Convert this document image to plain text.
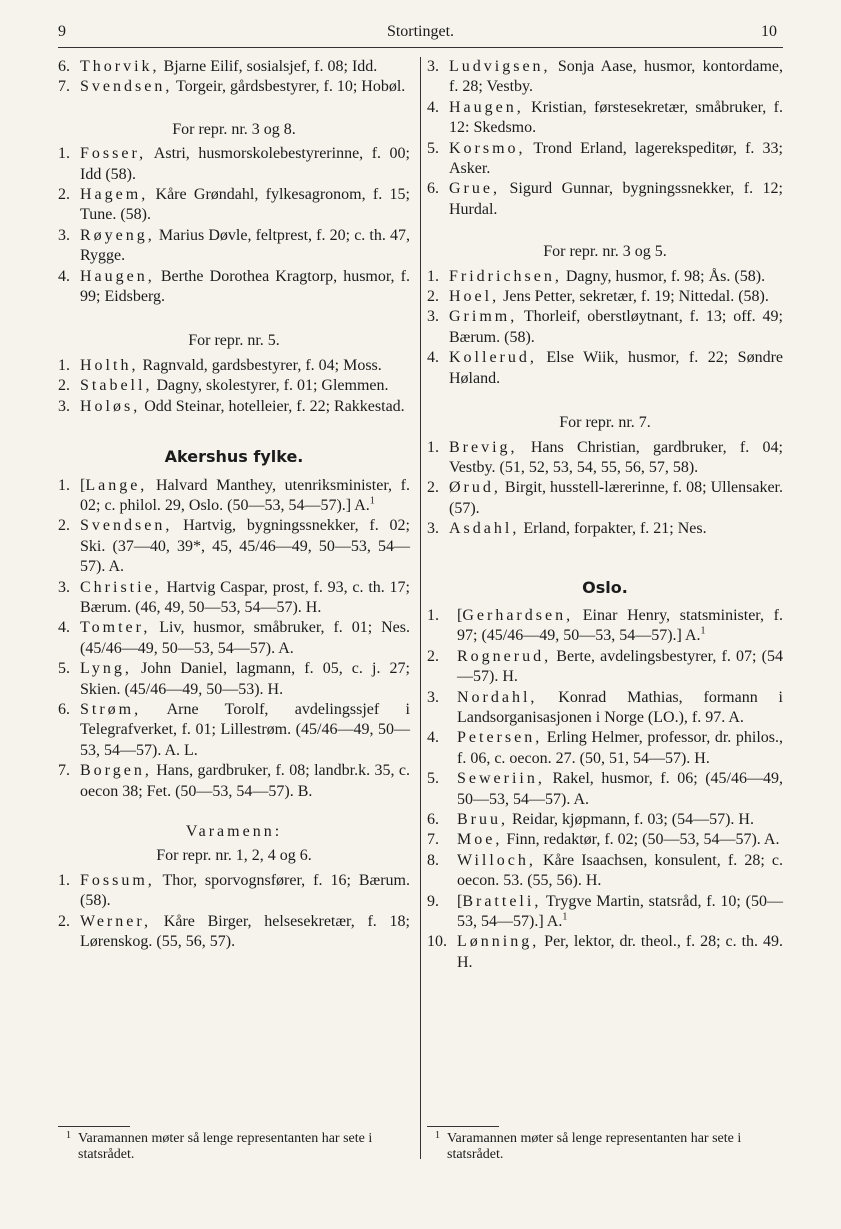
9	Stortinget.	10
6. Thorvik, Bjarne Eilif, sosialsjef, f. 08; Idd.
7. Svendsen, Torgeir, gårdsbestyrer, f. 10; Hobøl.
For repr. nr. 3 og 8.
1. Fosser, Astri, husmorskolebestyrerinne, f. 00; Idd (58).
2. Hagem, Kåre Grøndahl, fylkesagronom, f. 15; Tune. (58).
3. Røyeng, Marius Døvle, feltprest, f. 20; c. th. 47, Rygge.
4. Haugen, Berthe Dorothea Kragtorp, husmor, f. 99; Eidsberg.
For repr. nr. 5.
1. Holth, Ragnvald, gardsbestyrer, f. 04; Moss.
2. Stabell, Dagny, skolestyrer, f. 01; Glemmen.
3. Holøs, Odd Steinar, hotelleier, f. 22; Rakkestad.
Akershus fylke.
1. [Lange, Halvard Manthey, utenriksminister, f. 02; c. philol. 29, Oslo. (50—53, 54—57).] A.$^1$
2. Svendsen, Hartvig, bygningssnekker, f. 02; Ski. (37—40, 39*, 45, 45/46—49, 50—53, 54—57). A.
3. Christie, Hartvig Caspar, prost, f. 93, c. th. 17; Bærum. (46, 49, 50—53, 54—57). H.
4. Tomter, Liv, husmor, småbruker, f. 01; Nes. (45/46—49, 50—53, 54—57). A.
5. Lyng, John Daniel, lagmann, f. 05, c. j. 27; Skien. (45/46—49, 50—53). H.
6. Strøm, Arne Torolf, avdelingssjef i Telegrafverket, f. 01; Lillestrøm. (45/46—49, 50—53, 54—57). A. L.
7. Borgen, Hans, gardbruker, f. 08; landbr.k. 35, c. oecon 38; Fet. (50—53, 54—57). B.
Varamenn:
For repr. nr. 1, 2, 4 og 6.
1. Fossum, Thor, sporvognsfører, f. 16; Bærum. (58).
2. Werner, Kåre Birger, helsesekretær, f. 18; Lørenskog. (55, 56, 57).
1 Varamannen møter så lenge representanten har sete i statsrådet.
3. Ludvigsen, Sonja Aase, husmor, kontordame, f. 28; Vestby.
4. Haugen, Kristian, førstesekretær, småbruker, f. 12: Skedsmo.
5. Korsmo, Trond Erland, lagerekspeditør, f. 33; Asker.
6. Grue, Sigurd Gunnar, bygningssnekker, f. 12; Hurdal.
For repr. nr. 3 og 5.
1. Fridrichsen, Dagny, husmor, f. 98; Ås. (58).
2. Hoel, Jens Petter, sekretær, f. 19; Nittedal. (58).
3. Grimm, Thorleif, oberstløytnant, f. 13; off. 49; Bærum. (58).
4. Kollerud, Else Wiik, husmor, f. 22; Søndre Høland.
For repr. nr. 7.
1. Brevig, Hans Christian, gardbruker, f. 04; Vestby. (51, 52, 53, 54, 55, 56, 57, 58).
2. Ørud, Birgit, husstell-lærerinne, f. 08; Ullensaker. (57).
3. Asdahl, Erland, forpakter, f. 21; Nes.
Oslo.
1. [Gerhardsen, Einar Henry, statsminister, f. 97; (45/46—49, 50—53, 54—57).] A.$^1$
2. Rognerud, Berte, avdelingsbestyrer, f. 07; (54—57). H.
3. Nordahl, Konrad Mathias, formann i Landsorganisasjonen i Norge (LO.), f. 97. A.
4. Petersen, Erling Helmer, professor, dr. philos., f. 06, c. oecon. 27. (50, 51, 54—57). H.
5. Seweriin, Rakel, husmor, f. 06; (45/46—49, 50—53, 54—57). A.
6. Bruu, Reidar, kjøpmann, f. 03; (54—57). H.
7. Moe, Finn, redaktør, f. 02; (50—53, 54—57). A.
8. Willoch, Kåre Isaachsen, konsulent, f. 28; c. oecon. 53. (55, 56). H.
9. [Bratteli, Trygve Martin, statsråd, f. 10; (50—53, 54—57).] A.$^1$
10. Lønning, Per, lektor, dr. theol., f. 28; c. th. 49. H.
1 Varamannen møter så lenge representanten har sete i statsrådet.
